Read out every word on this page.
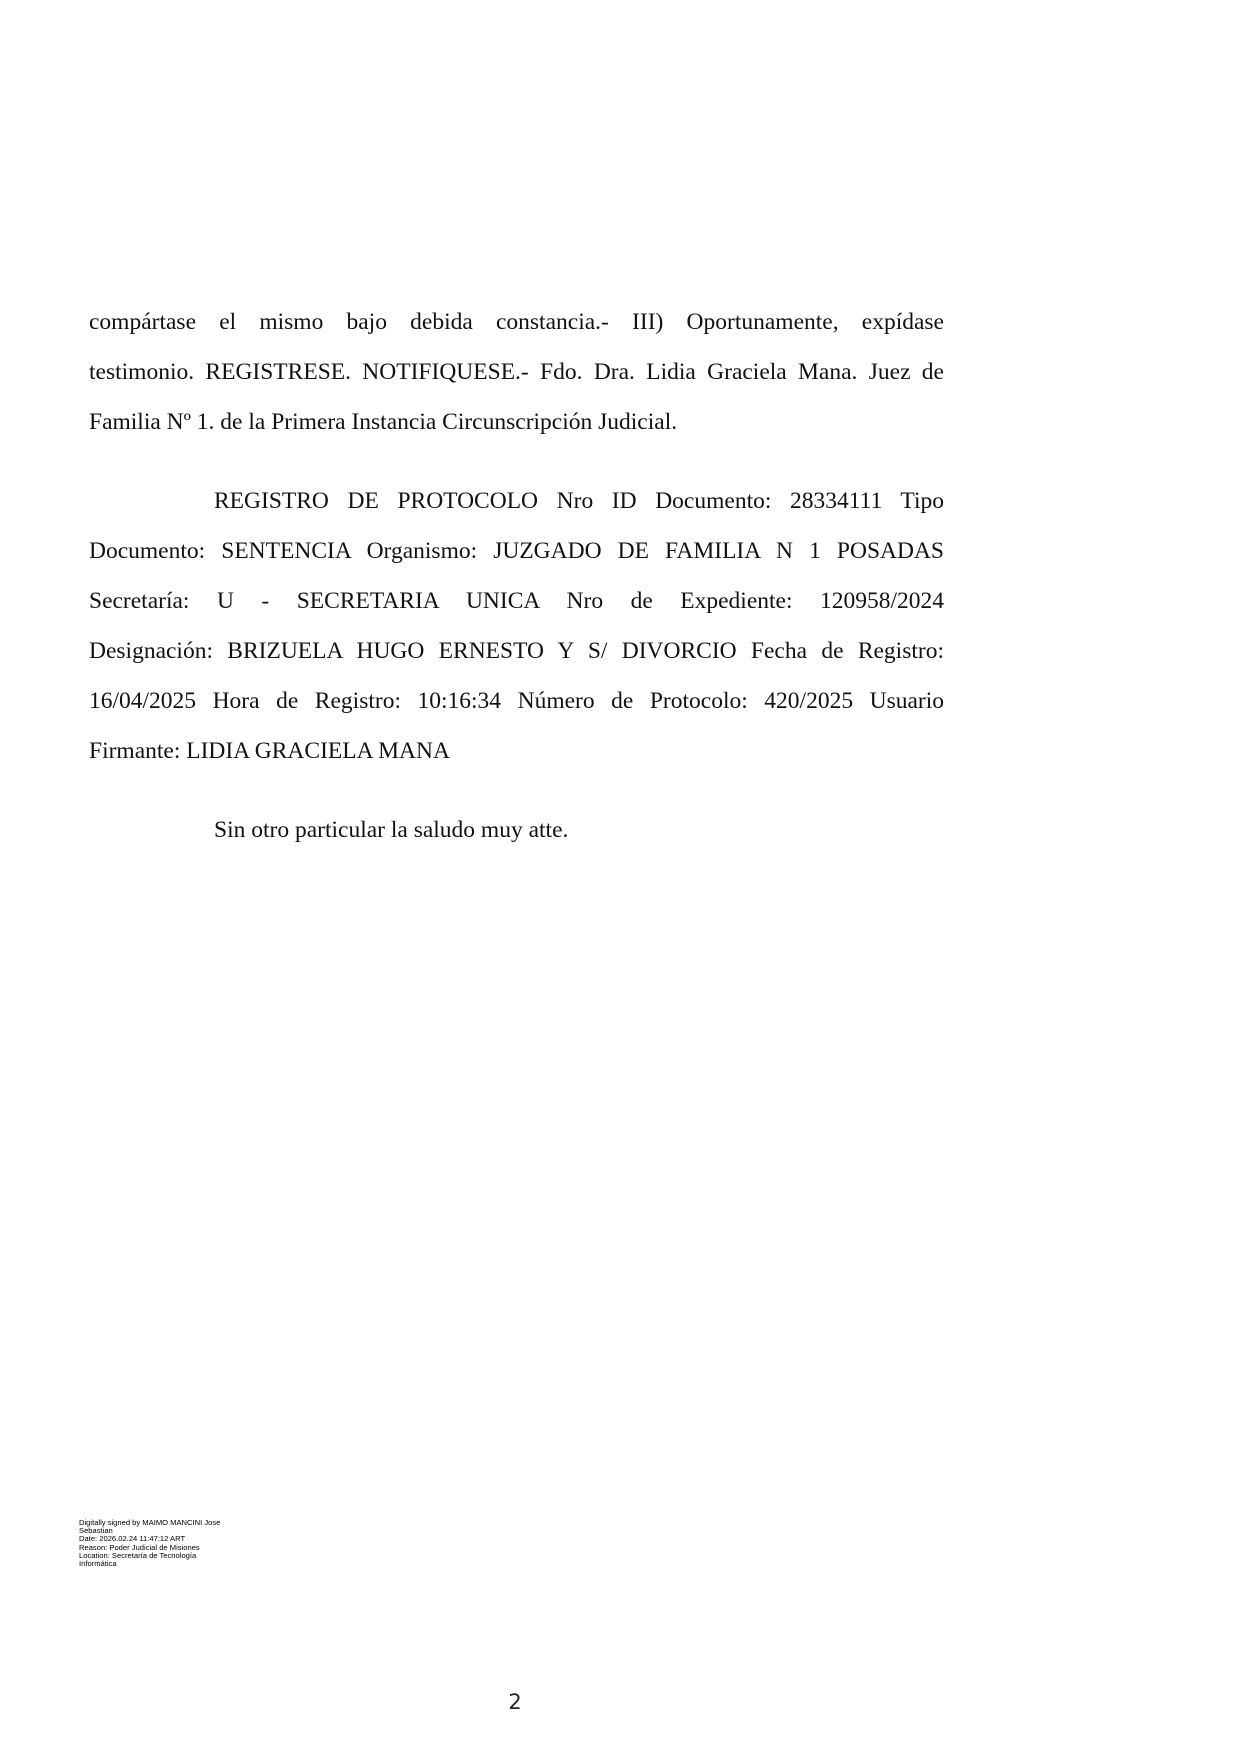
compártase el mismo bajo debida constancia.- III) Oportunamente, expídase
testimonio. REGISTRESE. NOTIFIQUESE.- Fdo. Dra. Lidia Graciela Mana. Juez de
Familia Nº 1. de la Primera Instancia Circunscripción Judicial.

REGISTRO DE PROTOCOLO Nro ID Documento: 28334111 Tipo
Documento: SENTENCIA Organismo: JUZGADO DE FAMILIA N 1 POSADAS
Secretaría: U - SECRETARIA UNICA Nro de Expediente: 120958/2024
Designación: BRIZUELA HUGO ERNESTO Y S/ DIVORCIO Fecha de Registro:
16/04/2025 Hora de Registro: 10:16:34 Número de Protocolo: 420/2025 Usuario
Firmante: LIDIA GRACIELA MANA

Sin otro particular la saludo muy atte.

Digitally signed by MAIMO MANCINI Jose
Sebastian
Date: 2026.02.24 11:47:12 ART
Reason: Poder Judicial de Misiones
Location: Secretaría de Tecnología
Informática
2
